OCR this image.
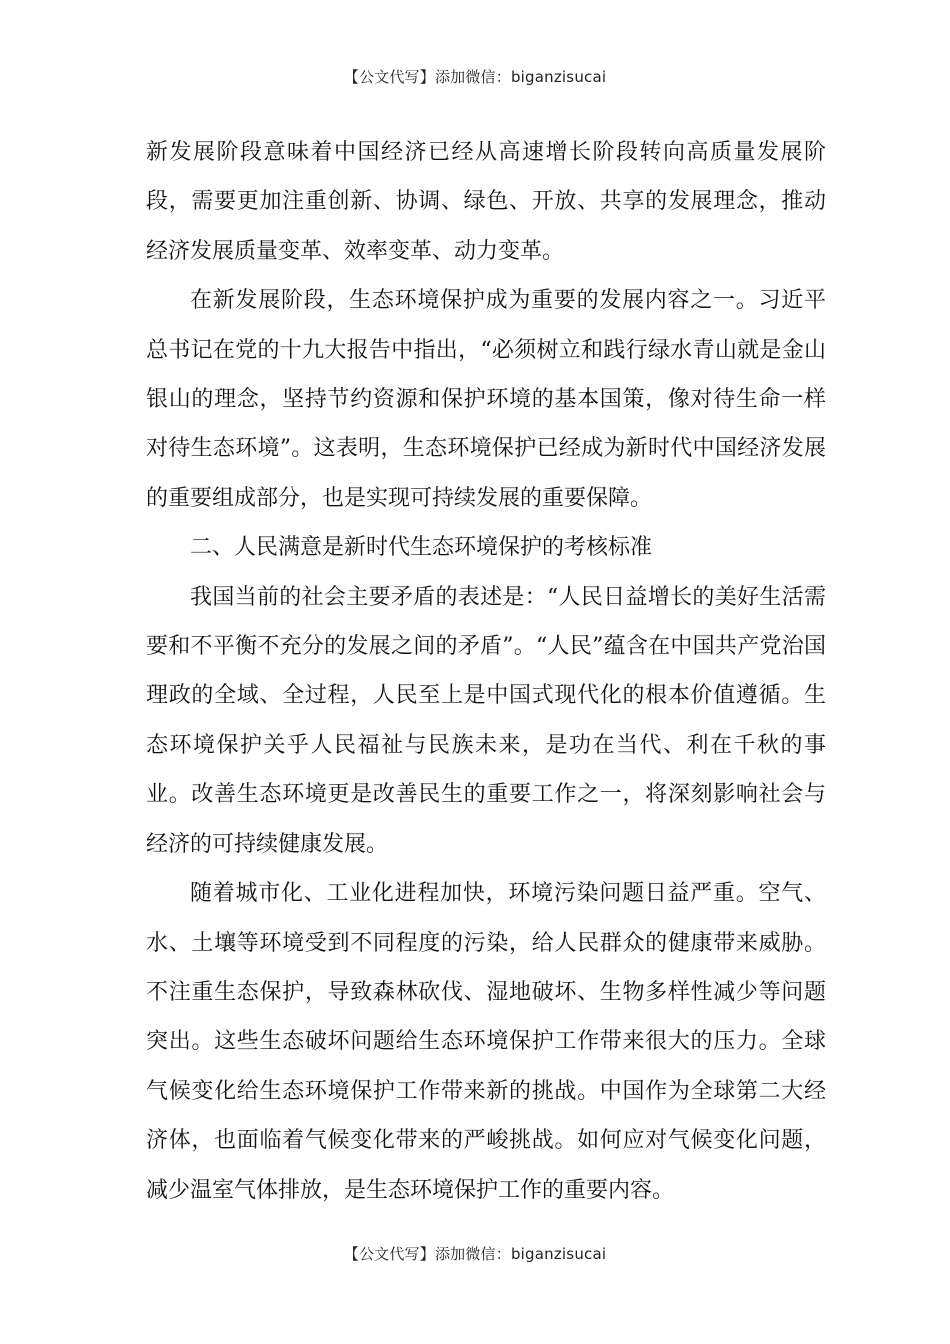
【公文代写】添加微信：biganzisucai

新发展阶段意味着中国经济已经从高速增长阶段转向高质量发展阶段，需要更加注重创新、协调、绿色、开放、共享的发展理念，推动经济发展质量变革、效率变革、动力变革。

在新发展阶段，生态环境保护成为重要的发展内容之一。习近平总书记在党的十九大报告中指出，“必须树立和践行绿水青山就是金山银山的理念，坚持节约资源和保护环境的基本国策，像对待生命一样对待生态环境”。这表明，生态环境保护已经成为新时代中国经济发展的重要组成部分，也是实现可持续发展的重要保障。

二、人民满意是新时代生态环境保护的考核标准

我国当前的社会主要矛盾的表述是：“人民日益增长的美好生活需要和不平衡不充分的发展之间的矛盾”。“人民”蕴含在中国共产党治国理政的全域、全过程，人民至上是中国式现代化的根本价值遵循。生态环境保护关乎人民福祉与民族未来，是功在当代、利在千秋的事业。改善生态环境更是改善民生的重要工作之一，将深刻影响社会与经济的可持续健康发展。

随着城市化、工业化进程加快，环境污染问题日益严重。空气、水、土壤等环境受到不同程度的污染，给人民群众的健康带来威胁。不注重生态保护，导致森林砍伐、湿地破坏、生物多样性减少等问题突出。这些生态破坏问题给生态环境保护工作带来很大的压力。全球气候变化给生态环境保护工作带来新的挑战。中国作为全球第二大经济体，也面临着气候变化带来的严峻挑战。如何应对气候变化问题，减少温室气体排放，是生态环境保护工作的重要内容。

【公文代写】添加微信：biganzisucai
